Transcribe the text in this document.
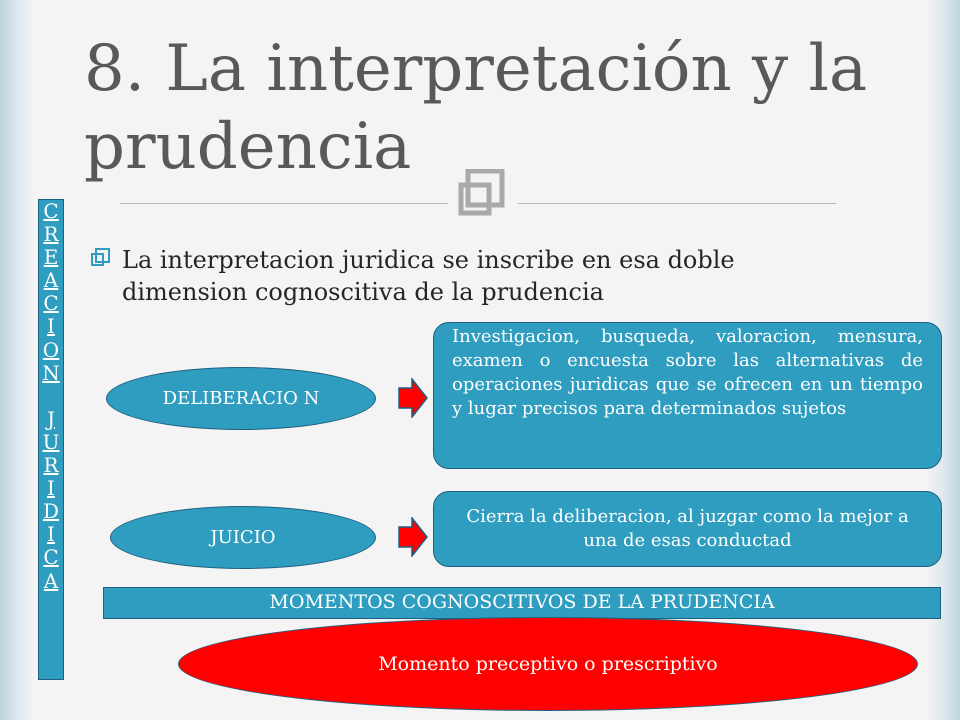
8. La interpretación y la prudencia
La interpretacion juridica se inscribe en esa doble dimension cognoscitiva de la prudencia
C
R
E
A
C
I
O
N

J
U
R
I
D
I
C
A
DELIBERACIO N
Investigacion, busqueda, valoracion, mensura, examen o encuesta sobre las alternativas de operaciones juridicas que se ofrecen en un tiempo y lugar precisos para determinados sujetos
JUICIO
Cierra la deliberacion, al juzgar como la mejor a una de esas conductad
MOMENTOS COGNOSCITIVOS DE LA PRUDENCIA
Momento preceptivo o prescriptivo
